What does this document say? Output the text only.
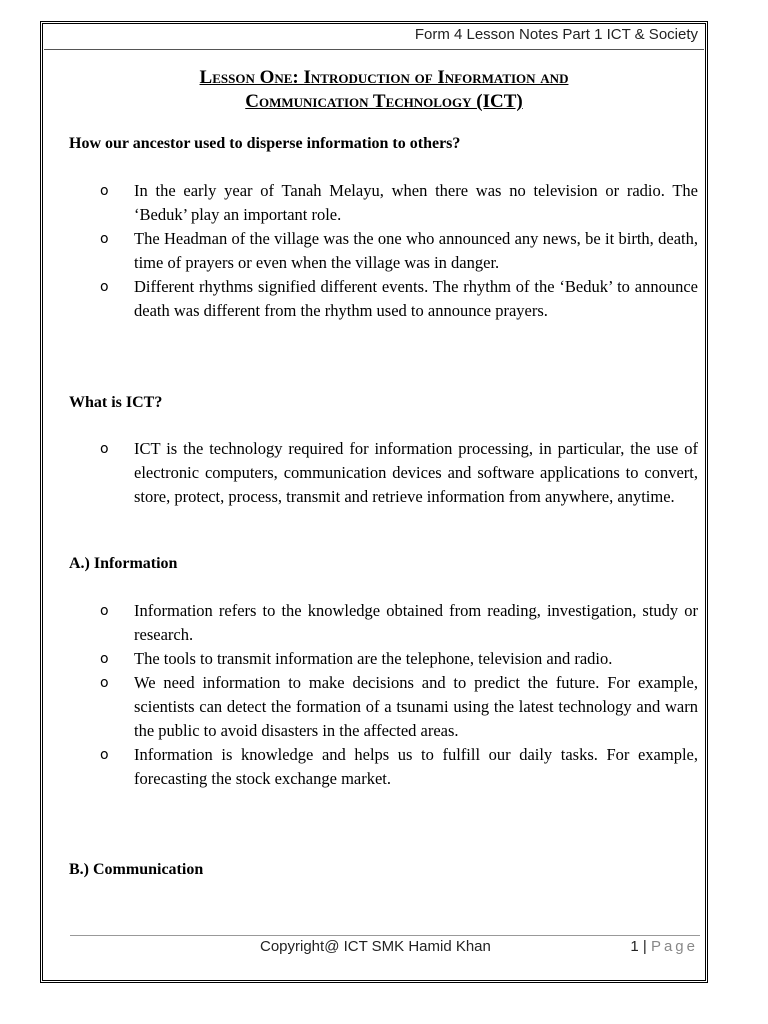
Form 4 Lesson Notes Part 1 ICT & Society
Lesson One: Introduction of Information and
Communication Technology (ICT)
How our ancestor used to disperse information to others?
o In the early year of Tanah Melayu, when there was no television or radio. The ‘Beduk’ play an important role.
o The Headman of the village was the one who announced any news, be it birth, death, time of prayers or even when the village was in danger.
o Different rhythms signified different events. The rhythm of the ‘Beduk’ to announce death was different from the rhythm used to announce prayers.
What is ICT?
o ICT is the technology required for information processing, in particular, the use of electronic computers, communication devices and software applications to convert, store, protect, process, transmit and retrieve information from anywhere, anytime.
A.) Information
o Information refers to the knowledge obtained from reading, investigation, study or research.
o The tools to transmit information are the telephone, television and radio.
o We need information to make decisions and to predict the future. For example, scientists can detect the formation of a tsunami using the latest technology and warn the public to avoid disasters in the affected areas.
o Information is knowledge and helps us to fulfill our daily tasks. For example, forecasting the stock exchange market.
B.) Communication
Copyright@ ICT SMK Hamid Khan	1 | Page
